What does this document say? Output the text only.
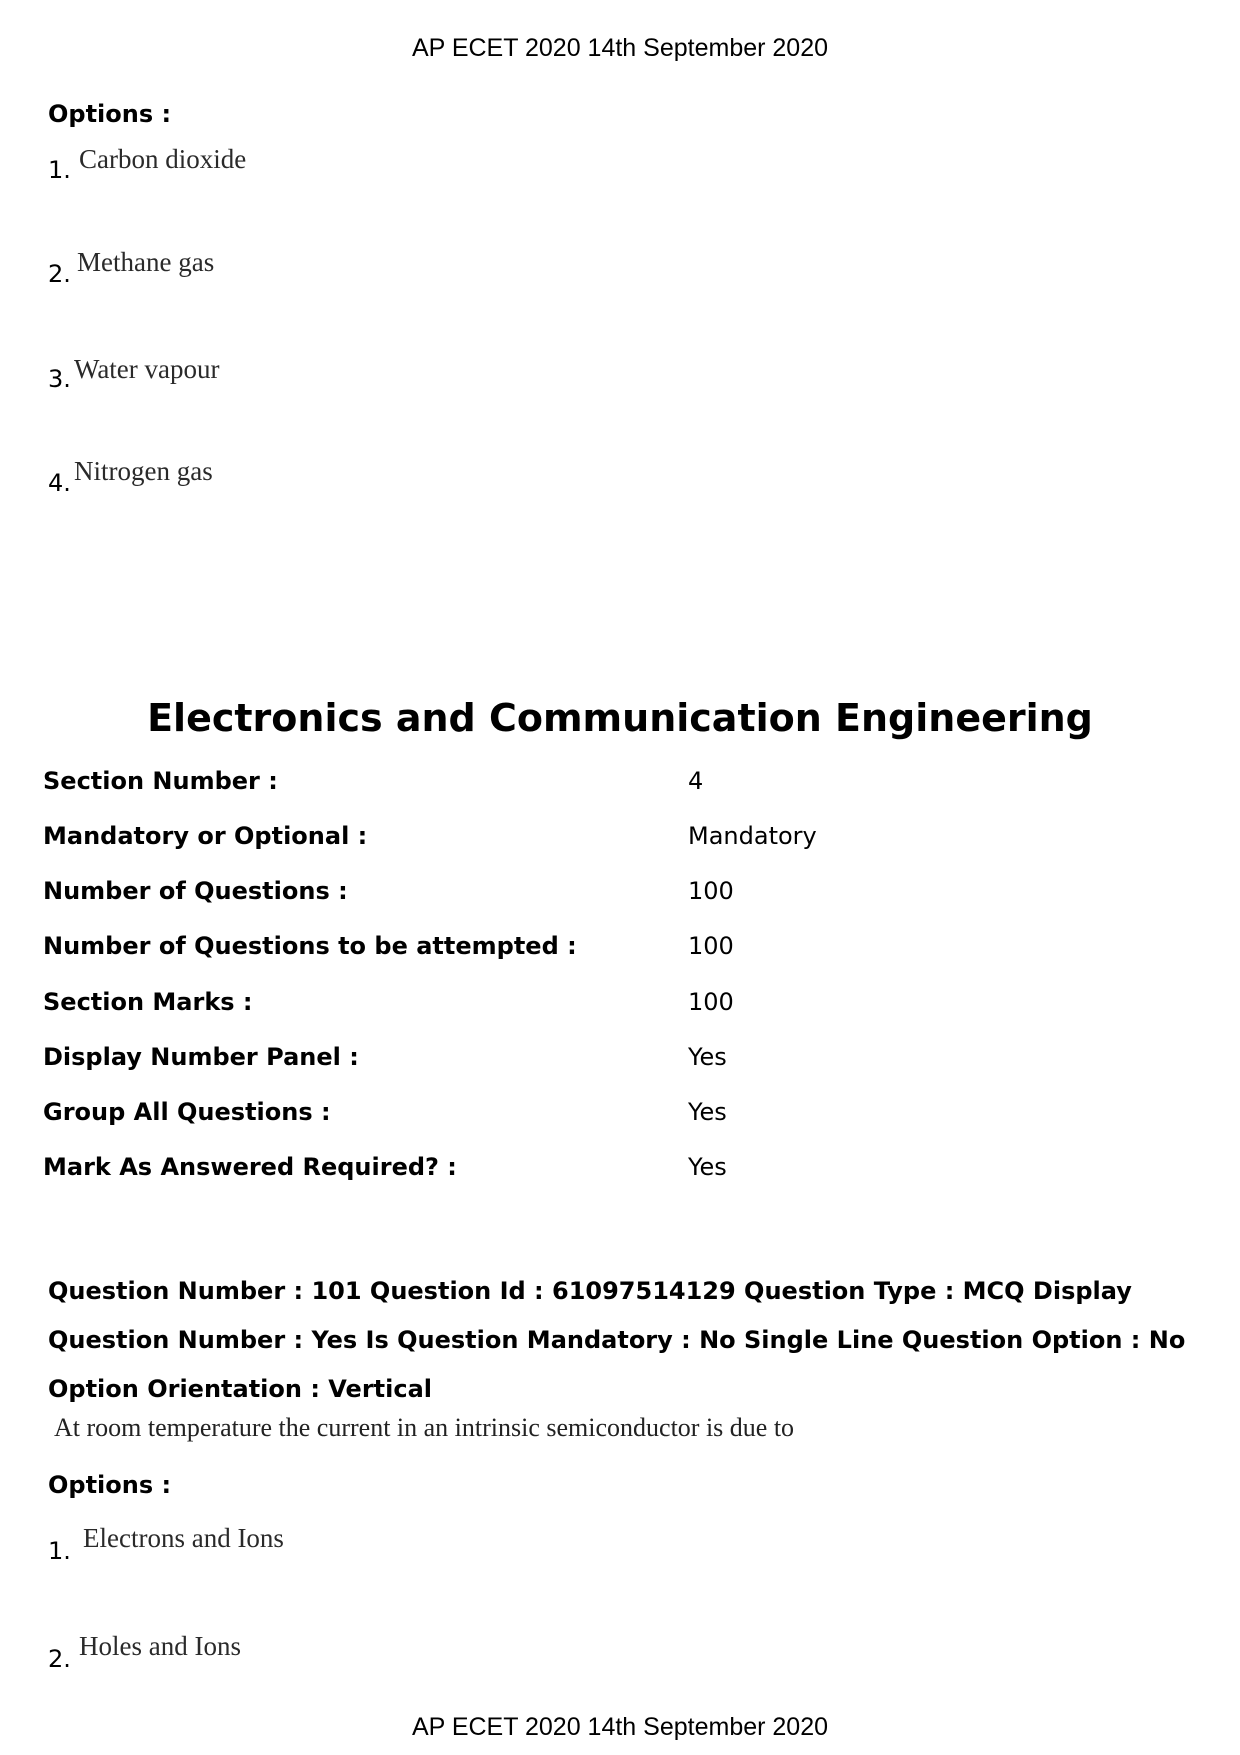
AP ECET 2020 14th September 2020
Options :
1. Carbon dioxide
2. Methane gas
3. Water vapour
4. Nitrogen gas
Electronics and Communication Engineering
Section Number :	4
Mandatory or Optional :	Mandatory
Number of Questions :	100
Number of Questions to be attempted :	100
Section Marks :	100
Display Number Panel :	Yes
Group All Questions :	Yes
Mark As Answered Required? :	Yes
Question Number : 101 Question Id : 61097514129 Question Type : MCQ Display Question Number : Yes Is Question Mandatory : No Single Line Question Option : No Option Orientation : Vertical
At room temperature the current in an intrinsic semiconductor is due to
Options :
1. Electrons and Ions
2. Holes and Ions
AP ECET 2020 14th September 2020
